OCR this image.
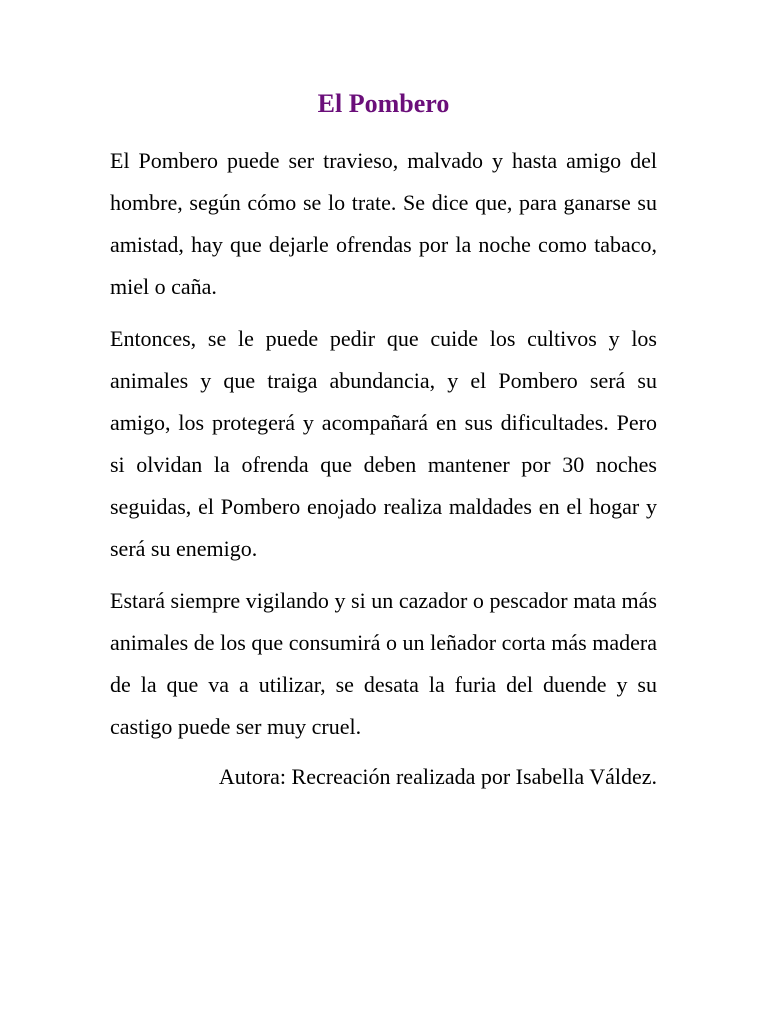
El Pombero

El Pombero puede ser travieso, malvado y hasta amigo del hombre, según cómo se lo trate. Se dice que, para ganarse su amistad, hay que dejarle ofrendas por la noche como tabaco, miel o caña.

Entonces, se le puede pedir que cuide los cultivos y los animales y que traiga abundancia, y el Pombero será su amigo, los protegerá y acompañará en sus dificultades. Pero si olvidan la ofrenda que deben mantener por 30 noches seguidas, el Pombero enojado realiza maldades en el hogar y será su enemigo.

Estará siempre vigilando y si un cazador o pescador mata más animales de los que consumirá o un leñador corta más madera de la que va a utilizar, se desata la furia del duende y su castigo puede ser muy cruel.

Autora: Recreación realizada por Isabella Váldez.
